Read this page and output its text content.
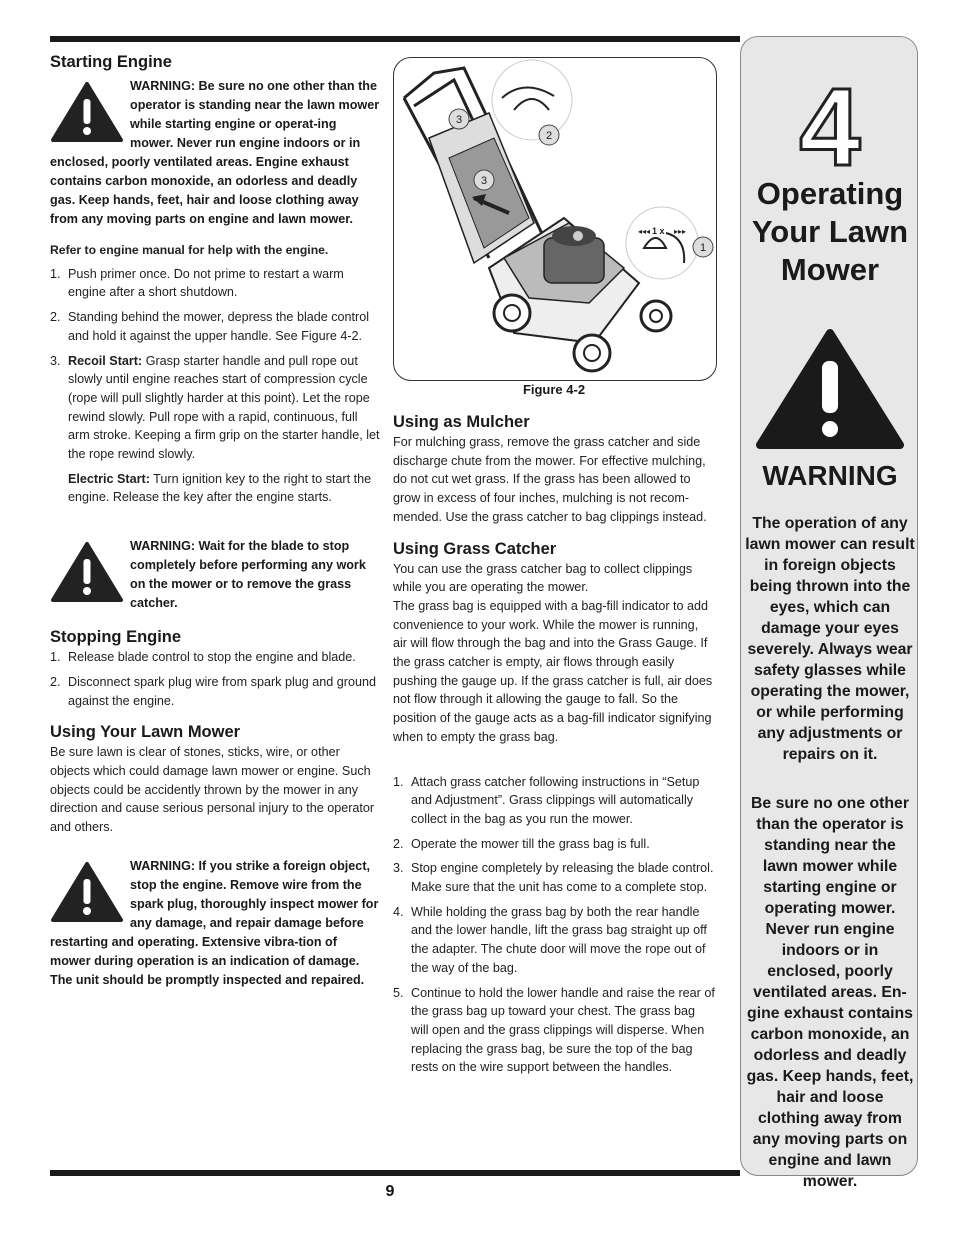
Starting Engine

WARNING: Be sure no one other than the operator is standing near the lawn mower while starting engine or operat-ing mower. Never run engine indoors or in enclosed, poorly ventilated areas. Engine exhaust contains carbon monoxide, an odorless and deadly gas. Keep hands, feet, hair and loose clothing away from any moving parts on engine and lawn mower.

Refer to engine manual for help with the engine.

1. Push primer once. Do not prime to restart a warm engine after a short shutdown.
2. Standing behind the mower, depress the blade control and hold it against the upper handle. See Figure 4-2.
3. Recoil Start: Grasp starter handle and pull rope out slowly until engine reaches start of compression cycle (rope will pull slightly harder at this point). Let the rope rewind slowly. Pull rope with a rapid, continuous, full arm stroke. Keeping a firm grip on the starter handle, let the rope rewind slowly.
Electric Start: Turn ignition key to the right to start the engine. Release the key after the engine starts.

WARNING: Wait for the blade to stop completely before performing any work on the mower or to remove the grass catcher.

Stopping Engine
1. Release blade control to stop the engine and blade.
2. Disconnect spark plug wire from spark plug and ground against the engine.
Using Your Lawn Mower

Be sure lawn is clear of stones, sticks, wire, or other objects which could damage lawn mower or engine. Such objects could be accidently thrown by the mower in any direction and cause serious personal injury to the operator and others.

WARNING: If you strike a foreign object, stop the engine. Remove wire from the spark plug, thoroughly inspect mower for any damage, and repair damage before restarting and operating. Extensive vibra-tion of mower during operation is an indication of damage. The unit should be promptly inspected and repaired.

1 x
◂◂◂	▸▸▸
1
2
3
3
Figure 4-2
Using as Mulcher

For mulching grass, remove the grass catcher and side discharge chute from the mower. For effective mulching, do not cut wet grass. If the grass has been allowed to grow in excess of four inches, mulching is not recom-mended. Use the grass catcher to bag clippings instead.

Using Grass Catcher

You can use the grass catcher bag to collect clippings while you are operating the mower.

The grass bag is equipped with a bag-fill indicator to add convenience to your work. While the mower is running, air will flow through the bag and into the Grass Gauge. If the grass catcher is empty, air flows through easily pushing the gauge up. If the grass catcher is full, air does not flow through it allowing the gauge to fall. So the position of the gauge acts as a bag-fill indicator signifying when to empty the grass bag.

1. Attach grass catcher following instructions in “Setup and Adjustment”. Grass clippings will automatically collect in the bag as you run the mower.
2. Operate the mower till the grass bag is full.
3. Stop engine completely by releasing the blade control. Make sure that the unit has come to a complete stop.
4. While holding the grass bag by both the rear handle and the lower handle, lift the grass bag straight up off the adapter. The chute door will move the rope out of the way of the bag.
5. Continue to hold the lower handle and raise the rear of the grass bag up toward your chest. The grass bag will open and the grass clippings will disperse. When replacing the grass bag, be sure the top of the bag rests on the wire support between the handles.
4
Operating Your Lawn Mower
WARNING
The operation of any lawn mower can result in foreign objects being thrown into the eyes, which can damage your eyes severely. Always wear safety glasses while operating the mower, or while performing any adjustments or repairs on it.
Be sure no one other than the operator is standing near the lawn mower while starting engine or operating mower. Never run engine indoors or in enclosed, poorly ventilated areas. En-gine exhaust contains carbon monoxide, an odorless and deadly gas. Keep hands, feet, hair and loose clothing away from any moving parts on engine and lawn mower.
9
